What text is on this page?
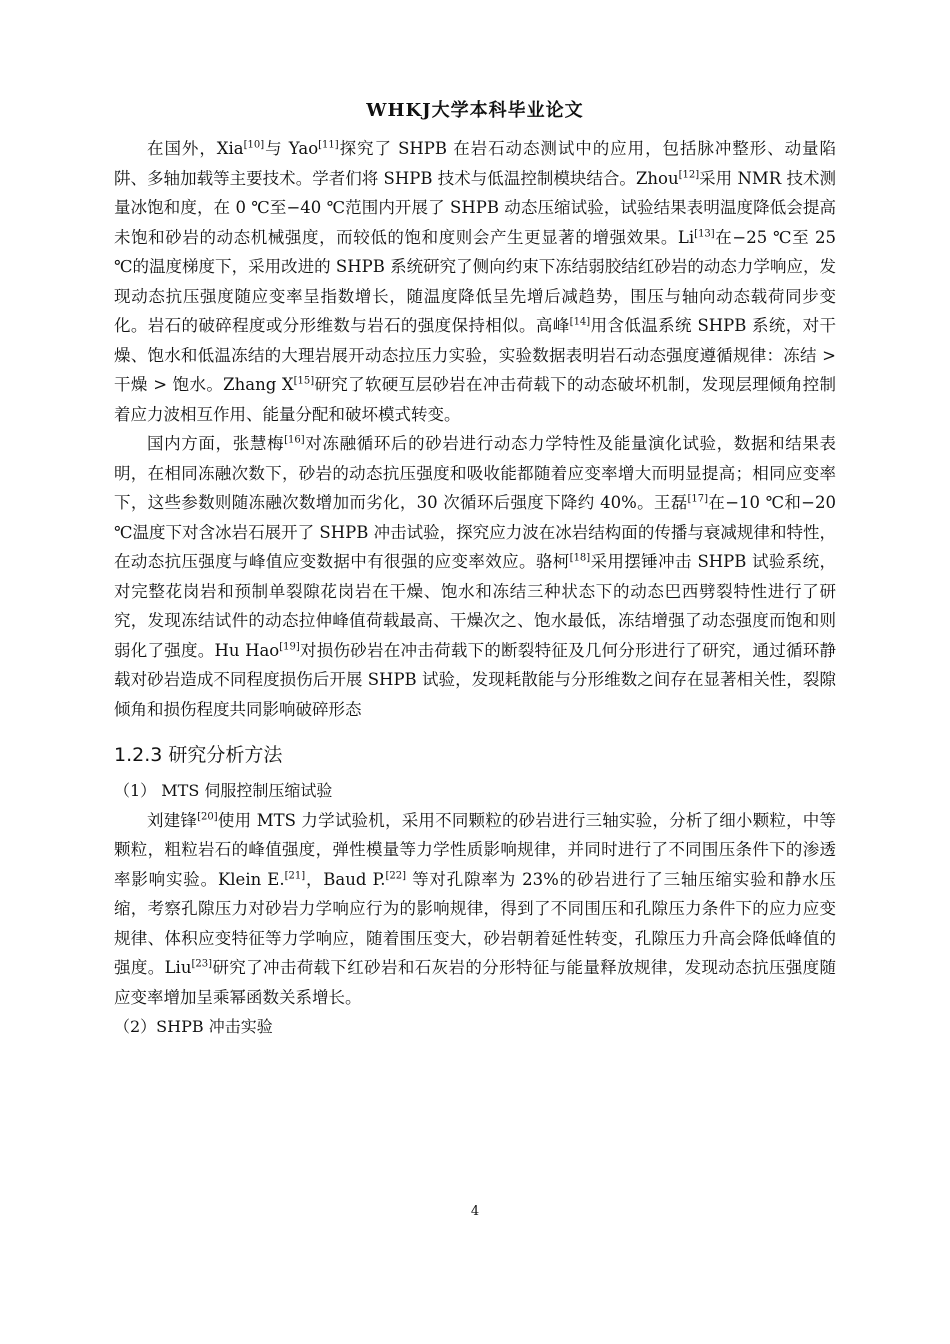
WHKJ大学本科毕业论文

在国外，Xia[10]与 Yao[11]探究了 SHPB 在岩石动态测试中的应用，包括脉冲整形、动量陷阱、多轴加载等主要技术。学者们将 SHPB 技术与低温控制模块结合。Zhou[12]采用 NMR 技术测量冰饱和度，在 0 ℃至−40 ℃范围内开展了 SHPB 动态压缩试验，试验结果表明温度降低会提高未饱和砂岩的动态机械强度，而较低的饱和度则会产生更显著的增强效果。Li[13]在−25 ℃至 25 ℃的温度梯度下，采用改进的 SHPB 系统研究了侧向约束下冻结弱胶结红砂岩的动态力学响应，发现动态抗压强度随应变率呈指数增长，随温度降低呈先增后减趋势，围压与轴向动态载荷同步变化。岩石的破碎程度或分形维数与岩石的强度保持相似。高峰[14]用含低温系统 SHPB 系统，对干燥、饱水和低温冻结的大理岩展开动态拉压力实验，实验数据表明岩石动态强度遵循规律：冻结 > 干燥 > 饱水。Zhang X[15]研究了软硬互层砂岩在冲击荷载下的动态破坏机制，发现层理倾角控制着应力波相互作用、能量分配和破坏模式转变。

国内方面，张慧梅[16]对冻融循环后的砂岩进行动态力学特性及能量演化试验，数据和结果表明，在相同冻融次数下，砂岩的动态抗压强度和吸收能都随着应变率增大而明显提高；相同应变率下，这些参数则随冻融次数增加而劣化，30 次循环后强度下降约 40%。王磊[17]在−10 ℃和−20 ℃温度下对含冰岩石展开了 SHPB 冲击试验，探究应力波在冰岩结构面的传播与衰减规律和特性，在动态抗压强度与峰值应变数据中有很强的应变率效应。骆柯[18]采用摆锤冲击 SHPB 试验系统，对完整花岗岩和预制单裂隙花岗岩在干燥、饱水和冻结三种状态下的动态巴西劈裂特性进行了研究，发现冻结试件的动态拉伸峰值荷载最高、干燥次之、饱水最低，冻结增强了动态强度而饱和则弱化了强度。Hu Hao[19]对损伤砂岩在冲击荷载下的断裂特征及几何分形进行了研究，通过循环静载对砂岩造成不同程度损伤后开展 SHPB 试验，发现耗散能与分形维数之间存在显著相关性，裂隙倾角和损伤程度共同影响破碎形态

1.2.3 研究分析方法

（1） MTS 伺服控制压缩试验

刘建锋[20]使用 MTS 力学试验机，采用不同颗粒的砂岩进行三轴实验，分析了细小颗粒，中等颗粒，粗粒岩石的峰值强度，弹性模量等力学性质影响规律，并同时进行了不同围压条件下的渗透率影响实验。Klein E.[21]，Baud P.[22] 等对孔隙率为 23%的砂岩进行了三轴压缩实验和静水压缩，考察孔隙压力对砂岩力学响应行为的影响规律，得到了不同围压和孔隙压力条件下的应力应变规律、体积应变特征等力学响应，随着围压变大，砂岩朝着延性转变，孔隙压力升高会降低峰值的强度。Liu[23]研究了冲击荷载下红砂岩和石灰岩的分形特征与能量释放规律，发现动态抗压强度随应变率增加呈乘幂函数关系增长。

（2）SHPB 冲击实验

4
